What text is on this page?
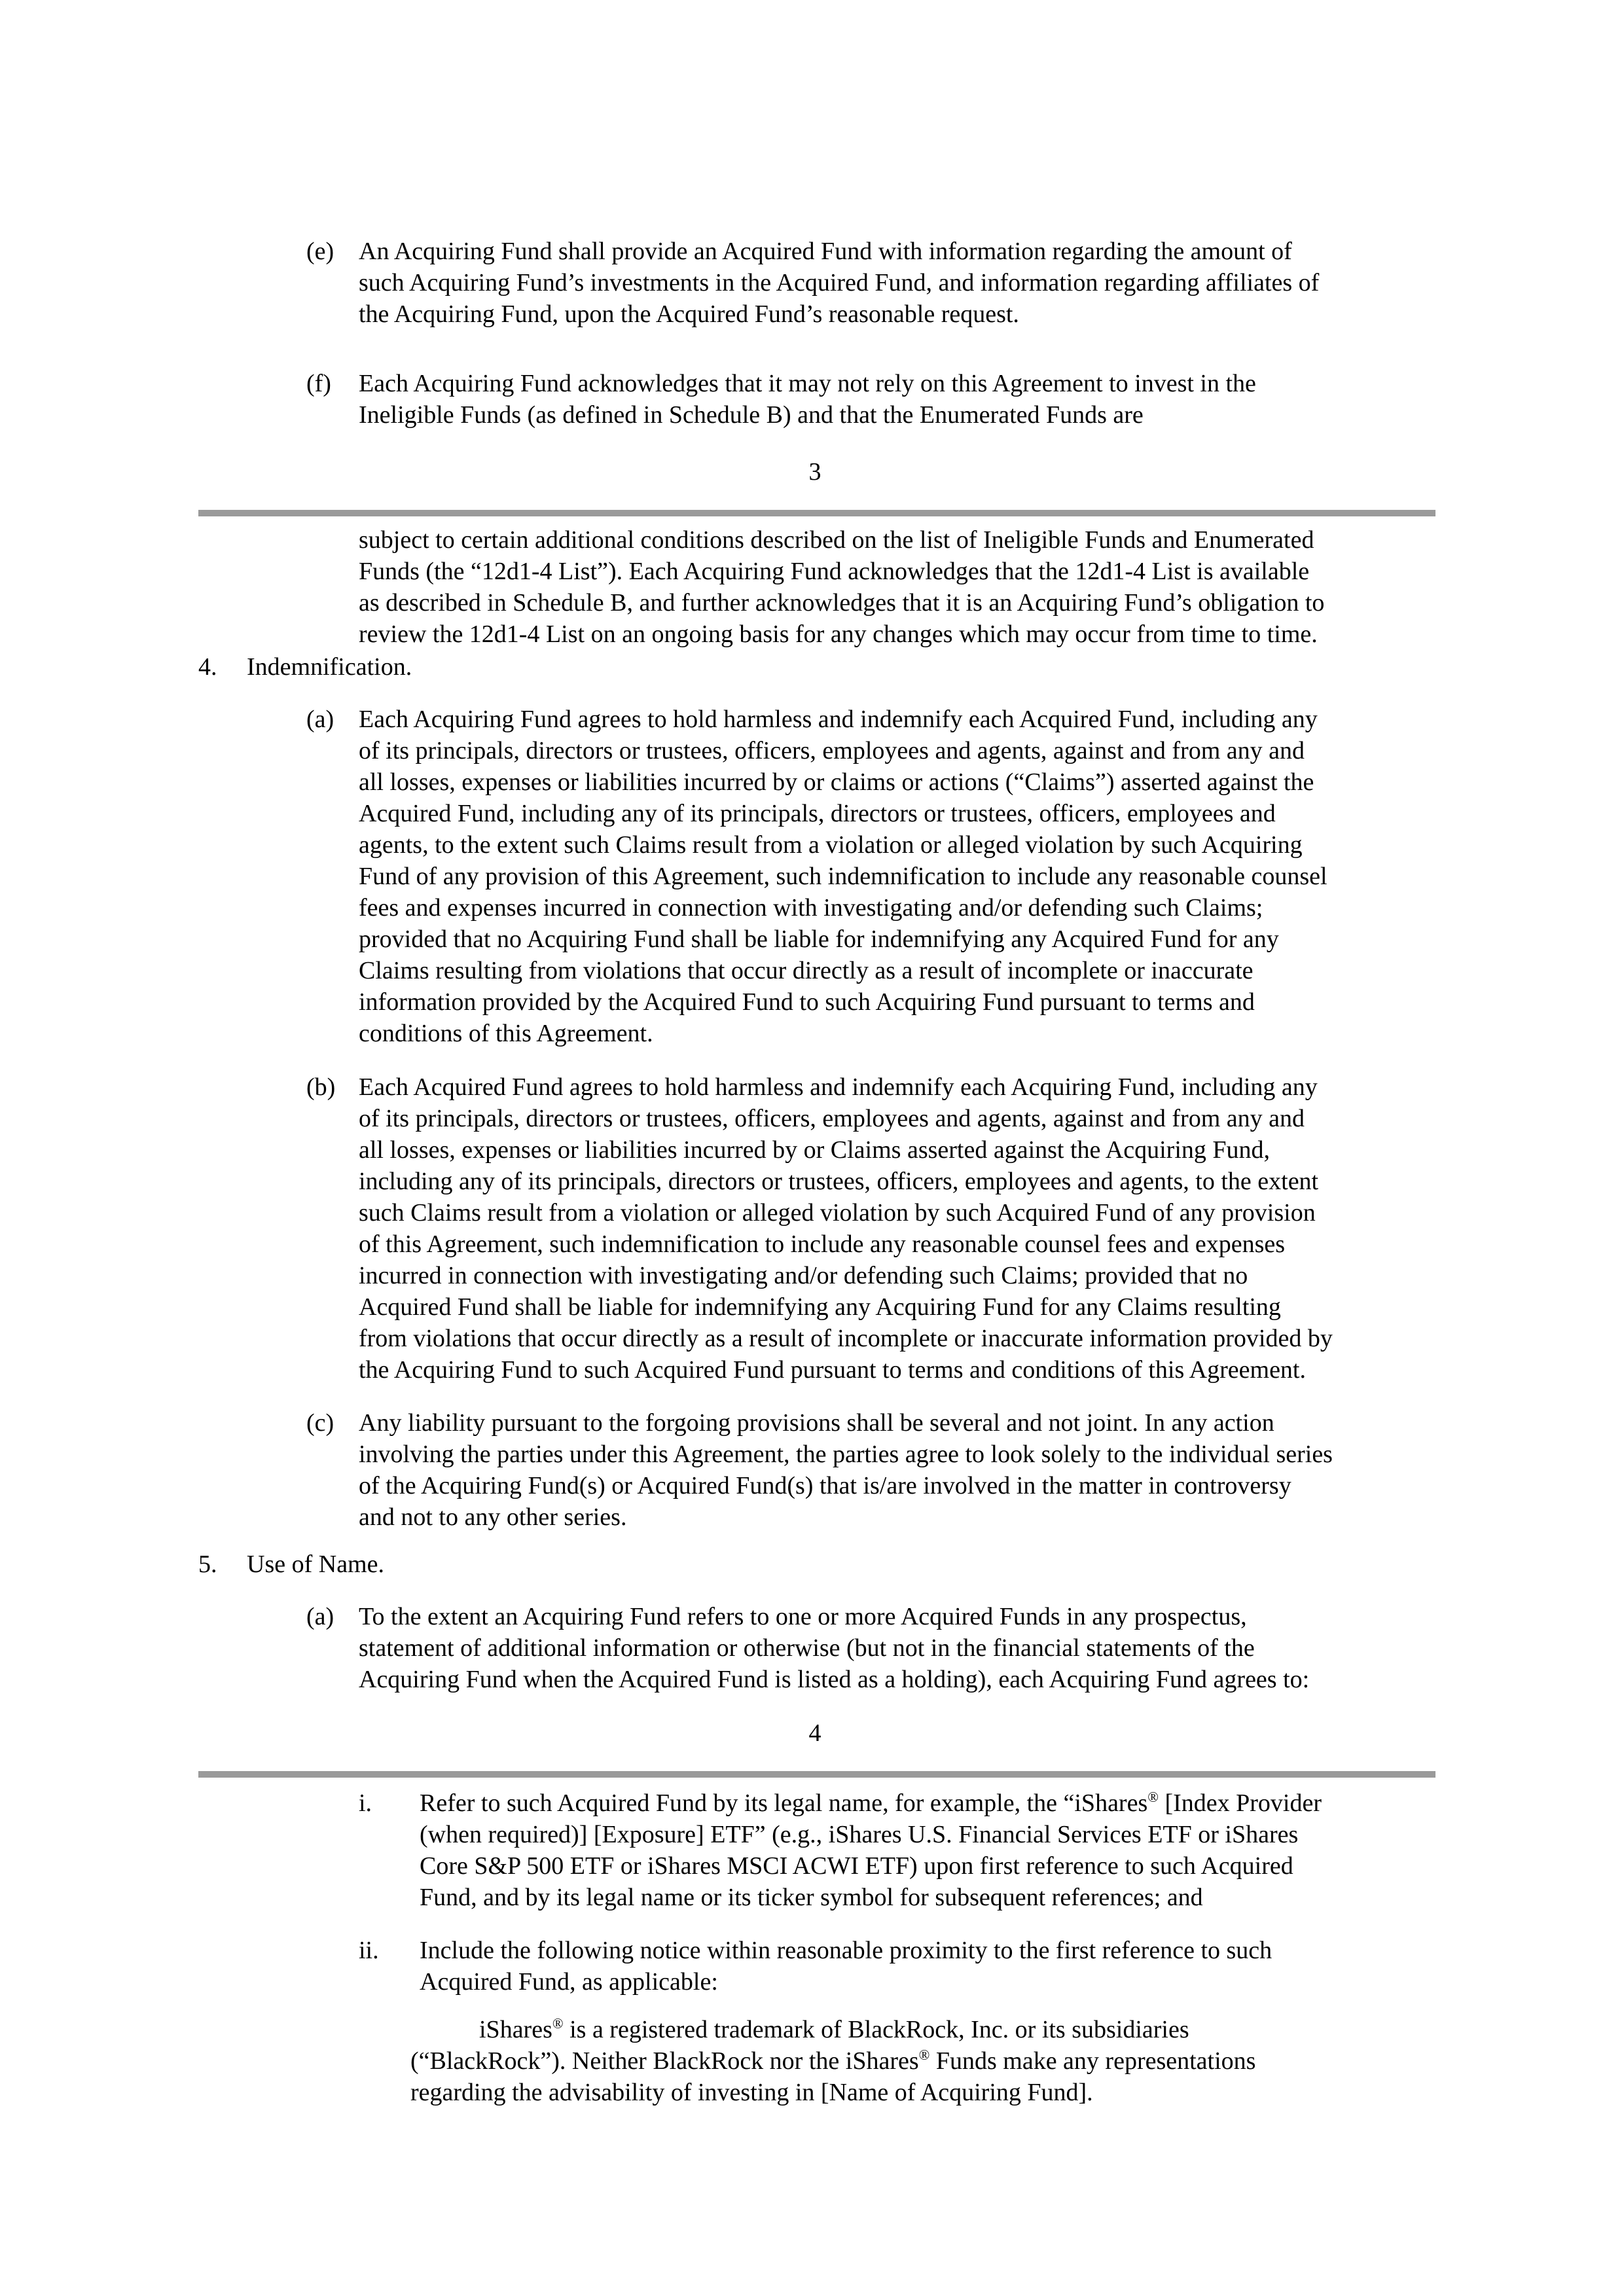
(e) An Acquiring Fund shall provide an Acquired Fund with information regarding the amount of
such Acquiring Fund’s investments in the Acquired Fund, and information regarding affiliates of
the Acquiring Fund, upon the Acquired Fund’s reasonable request.
(f) Each Acquiring Fund acknowledges that it may not rely on this Agreement to invest in the
Ineligible Funds (as defined in Schedule B) and that the Enumerated Funds are
3
subject to certain additional conditions described on the list of Ineligible Funds and Enumerated
Funds (the “12d1-4 List”). Each Acquiring Fund acknowledges that the 12d1-4 List is available
as described in Schedule B, and further acknowledges that it is an Acquiring Fund’s obligation to
review the 12d1-4 List on an ongoing basis for any changes which may occur from time to time.
4. Indemnification.
(a) Each Acquiring Fund agrees to hold harmless and indemnify each Acquired Fund, including any
of its principals, directors or trustees, officers, employees and agents, against and from any and
all losses, expenses or liabilities incurred by or claims or actions (“Claims”) asserted against the
Acquired Fund, including any of its principals, directors or trustees, officers, employees and
agents, to the extent such Claims result from a violation or alleged violation by such Acquiring
Fund of any provision of this Agreement, such indemnification to include any reasonable counsel
fees and expenses incurred in connection with investigating and/or defending such Claims;
provided that no Acquiring Fund shall be liable for indemnifying any Acquired Fund for any
Claims resulting from violations that occur directly as a result of incomplete or inaccurate
information provided by the Acquired Fund to such Acquiring Fund pursuant to terms and
conditions of this Agreement.
(b) Each Acquired Fund agrees to hold harmless and indemnify each Acquiring Fund, including any
of its principals, directors or trustees, officers, employees and agents, against and from any and
all losses, expenses or liabilities incurred by or Claims asserted against the Acquiring Fund,
including any of its principals, directors or trustees, officers, employees and agents, to the extent
such Claims result from a violation or alleged violation by such Acquired Fund of any provision
of this Agreement, such indemnification to include any reasonable counsel fees and expenses
incurred in connection with investigating and/or defending such Claims; provided that no
Acquired Fund shall be liable for indemnifying any Acquiring Fund for any Claims resulting
from violations that occur directly as a result of incomplete or inaccurate information provided by
the Acquiring Fund to such Acquired Fund pursuant to terms and conditions of this Agreement.
(c) Any liability pursuant to the forgoing provisions shall be several and not joint. In any action
involving the parties under this Agreement, the parties agree to look solely to the individual series
of the Acquiring Fund(s) or Acquired Fund(s) that is/are involved in the matter in controversy
and not to any other series.
5. Use of Name.
(a) To the extent an Acquiring Fund refers to one or more Acquired Funds in any prospectus,
statement of additional information or otherwise (but not in the financial statements of the
Acquiring Fund when the Acquired Fund is listed as a holding), each Acquiring Fund agrees to:
4
i. Refer to such Acquired Fund by its legal name, for example, the “iShares® [Index Provider
(when required)] [Exposure] ETF” (e.g., iShares U.S. Financial Services ETF or iShares
Core S&P 500 ETF or iShares MSCI ACWI ETF) upon first reference to such Acquired
Fund, and by its legal name or its ticker symbol for subsequent references; and
ii. Include the following notice within reasonable proximity to the first reference to such
Acquired Fund, as applicable:
iShares® is a registered trademark of BlackRock, Inc. or its subsidiaries
(“BlackRock”). Neither BlackRock nor the iShares® Funds make any representations
regarding the advisability of investing in [Name of Acquiring Fund].
